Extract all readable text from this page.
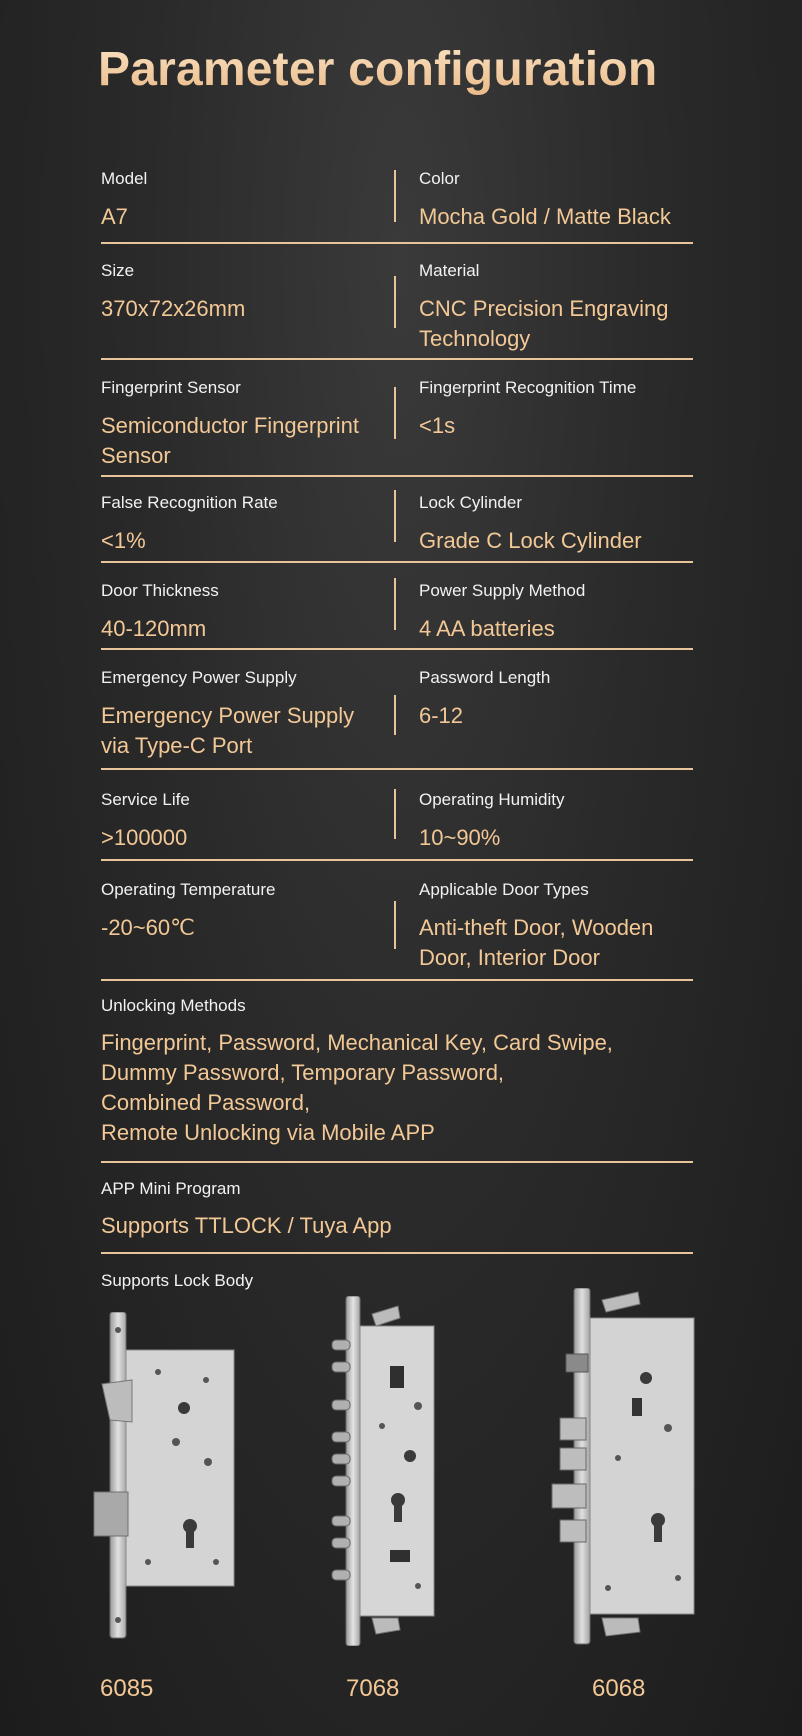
Parameter configuration
Model
A7
Color
Mocha Gold / Matte Black
Size
370x72x26mm
Material
CNC Precision Engraving Technology
Fingerprint Sensor
Semiconductor Fingerprint Sensor
Fingerprint Recognition Time
<1s
False Recognition Rate
<1%
Lock Cylinder
Grade C Lock Cylinder
Door Thickness
40-120mm
Power Supply Method
4 AA batteries
Emergency Power Supply
Emergency Power Supply via Type-C Port
Password Length
6-12
Service Life
>100000
Operating Humidity
10~90%
Operating Temperature
-20~60℃
Applicable Door Types
Anti-theft Door, Wooden Door, Interior Door
Unlocking Methods
Fingerprint, Password, Mechanical Key, Card Swipe,
Dummy Password, Temporary Password,
Combined Password,
Remote Unlocking via Mobile APP
APP Mini Program
Supports TTLOCK / Tuya App
Supports Lock Body
6085	7068	6068
